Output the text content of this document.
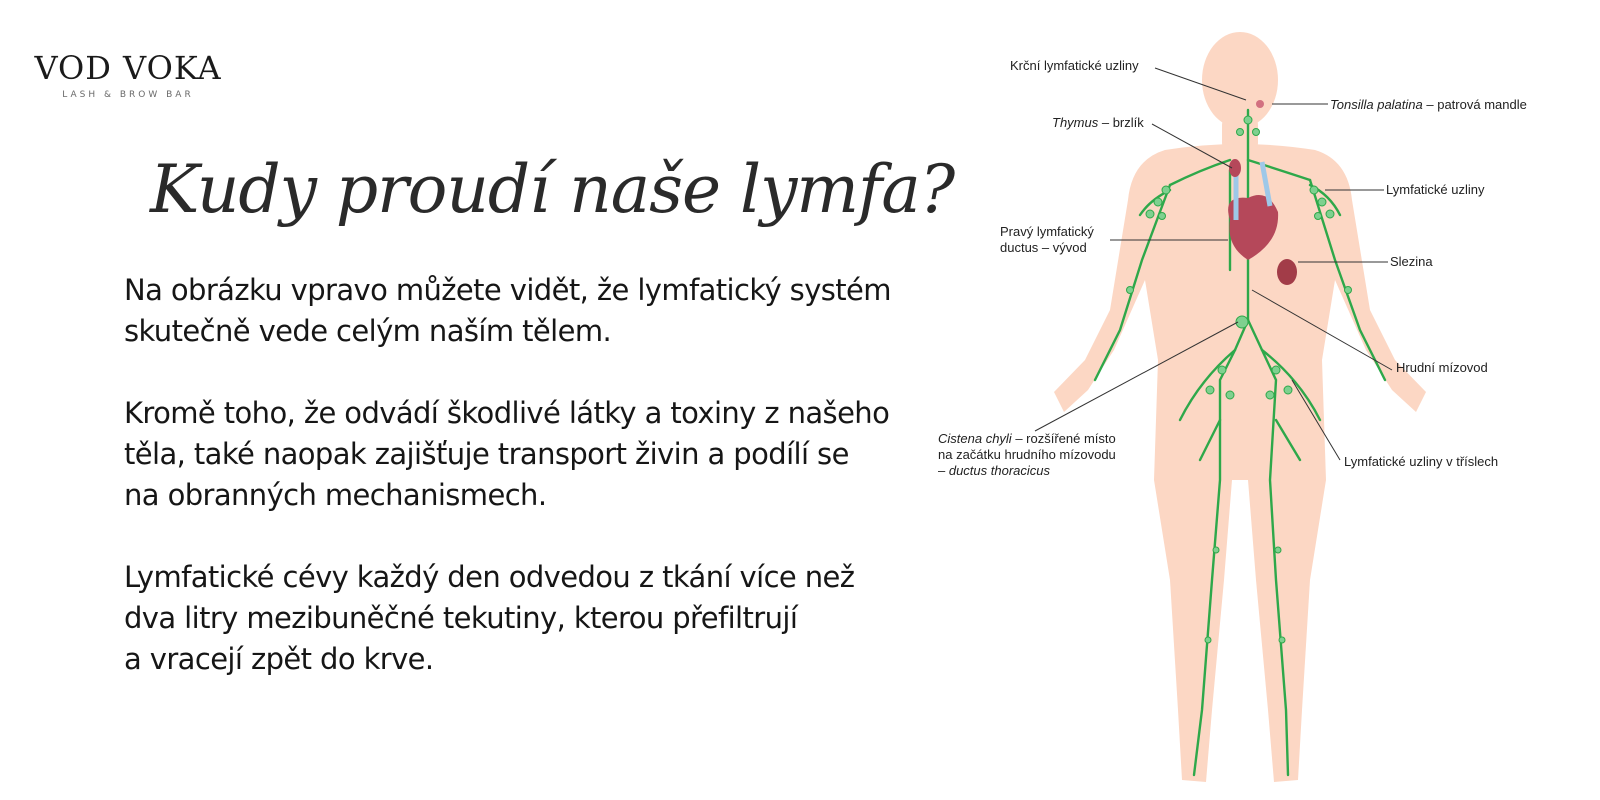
VOD VOKA
LASH & BROW BAR
Kudy proudí naše lymfa?

Na obrázku vpravo můžete vidět, že lymfatický systém
skutečně vede celým naším tělem.

Kromě toho, že odvádí škodlivé látky a toxiny z našeho
těla, také naopak zajišťuje transport živin a podílí se
na obranných mechanismech.

Lymfatické cévy každý den odvedou z tkání více než
dva litry mezibuněčné tekutiny, kterou přefiltrují
a vracejí zpět do krve.

Krční lymfatické uzliny
Tonsilla palatina – patrová mandle
Thymus – brzlík
Lymfatické uzliny
Pravý lymfatický
ductus – vývod
Slezina
Hrudní mízovod
Cistena chyli – rozšířené místo
na začátku hrudního mízovodu
– ductus thoracicus
Lymfatické uzliny v tříslech
